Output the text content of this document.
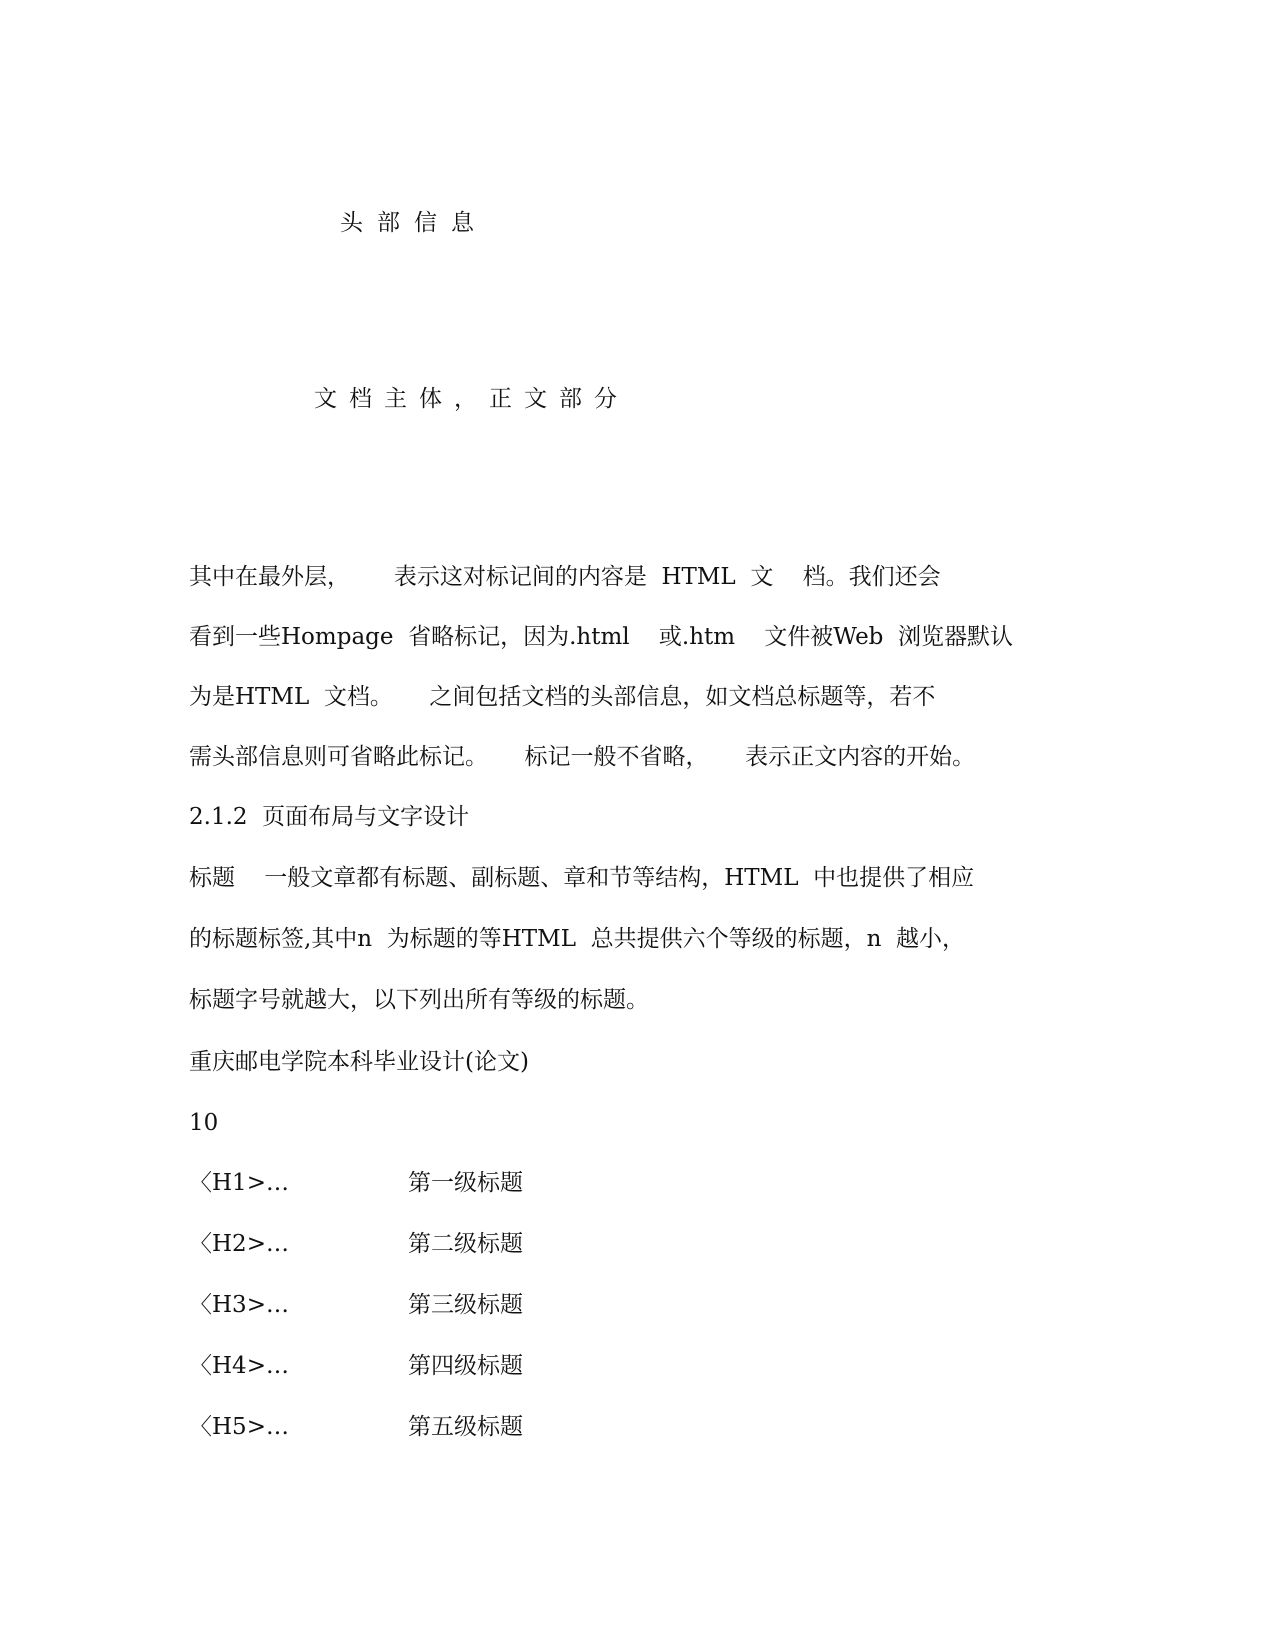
头部信息

文档主体，正文部分

其中在最外层，      表示这对标记间的内容是  HTML  文    档。我们还会

看到一些Hompage  省略标记，因为.html    或.htm    文件被Web  浏览器默认

为是HTML  文档。     之间包括文档的头部信息，如文档总标题等，若不

需头部信息则可省略此标记。     标记一般不省略，     表示正文内容的开始。

2.1.2  页面布局与文字设计

标题    一般文章都有标题、副标题、章和节等结构，HTML  中也提供了相应

的标题标签,其中n  为标题的等HTML  总共提供六个等级的标题，n  越小，

标题字号就越大，以下列出所有等级的标题。

重庆邮电学院本科毕业设计(论文)

10

〈H1>…	第一级标题
〈H2>…	第二级标题
〈H3>…	第三级标题
〈H4>…	第四级标题
〈H5>…	第五级标题
